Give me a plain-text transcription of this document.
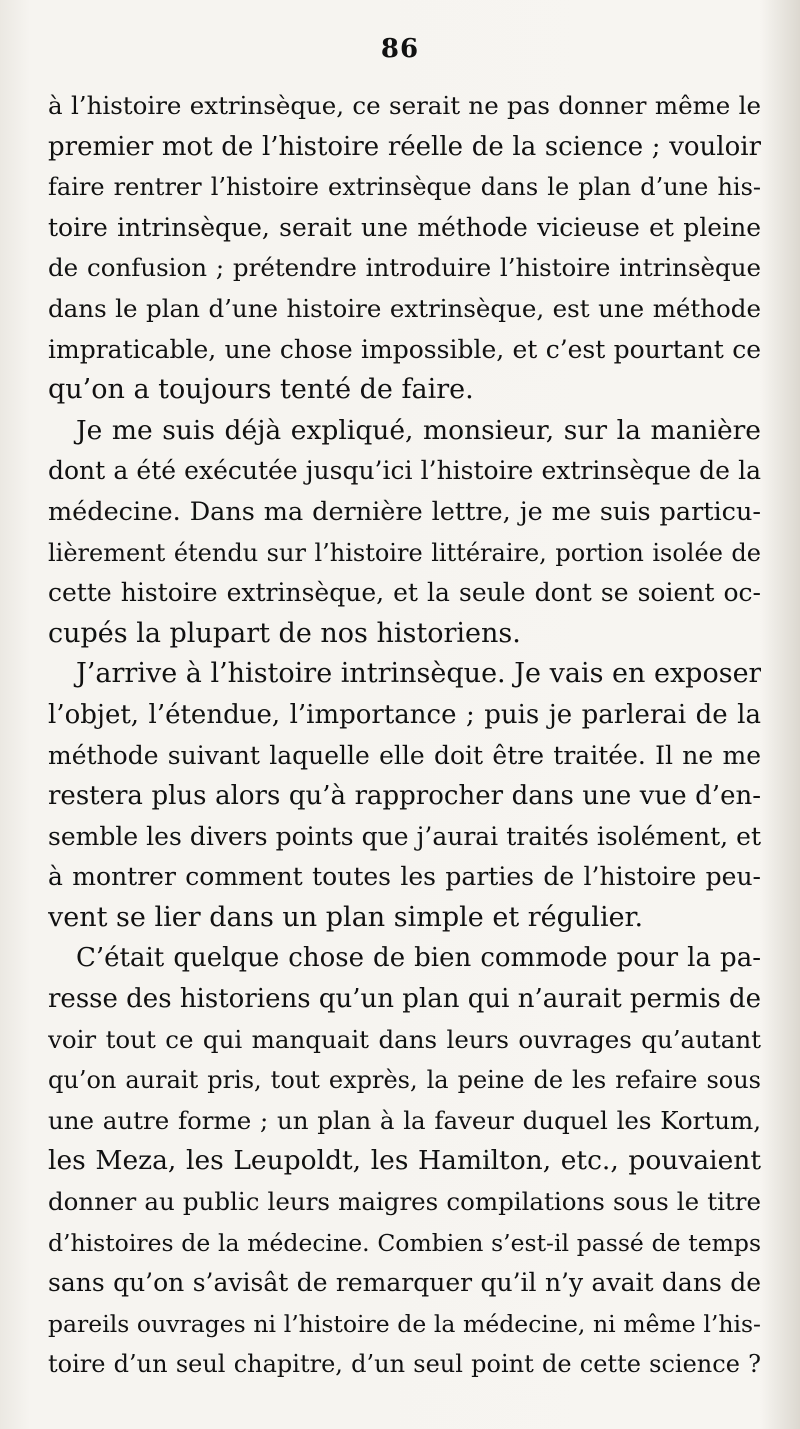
86
à l’histoire extrinsèque, ce serait ne pas donner même le
premier mot de l’histoire réelle de la science ; vouloir
faire rentrer l’histoire extrinsèque dans le plan d’une his-
toire intrinsèque, serait une méthode vicieuse et pleine
de confusion ; prétendre introduire l’histoire intrinsèque
dans le plan d’une histoire extrinsèque, est une méthode
impraticable, une chose impossible, et c’est pourtant ce
qu’on a toujours tenté de faire.
Je me suis déjà expliqué, monsieur, sur la manière
dont a été exécutée jusqu’ici l’histoire extrinsèque de la
médecine. Dans ma dernière lettre, je me suis particu-
lièrement étendu sur l’histoire littéraire, portion isolée de
cette histoire extrinsèque, et la seule dont se soient oc-
cupés la plupart de nos historiens.
J’arrive à l’histoire intrinsèque. Je vais en exposer
l’objet, l’étendue, l’importance ; puis je parlerai de la
méthode suivant laquelle elle doit être traitée. Il ne me
restera plus alors qu’à rapprocher dans une vue d’en-
semble les divers points que j’aurai traités isolément, et
à montrer comment toutes les parties de l’histoire peu-
vent se lier dans un plan simple et régulier.
C’était quelque chose de bien commode pour la pa-
resse des historiens qu’un plan qui n’aurait permis de
voir tout ce qui manquait dans leurs ouvrages qu’autant
qu’on aurait pris, tout exprès, la peine de les refaire sous
une autre forme ; un plan à la faveur duquel les Kortum,
les Meza, les Leupoldt, les Hamilton, etc., pouvaient
donner au public leurs maigres compilations sous le titre
d’histoires de la médecine. Combien s’est-il passé de temps
sans qu’on s’avisât de remarquer qu’il n’y avait dans de
pareils ouvrages ni l’histoire de la médecine, ni même l’his-
toire d’un seul chapitre, d’un seul point de cette science ?
